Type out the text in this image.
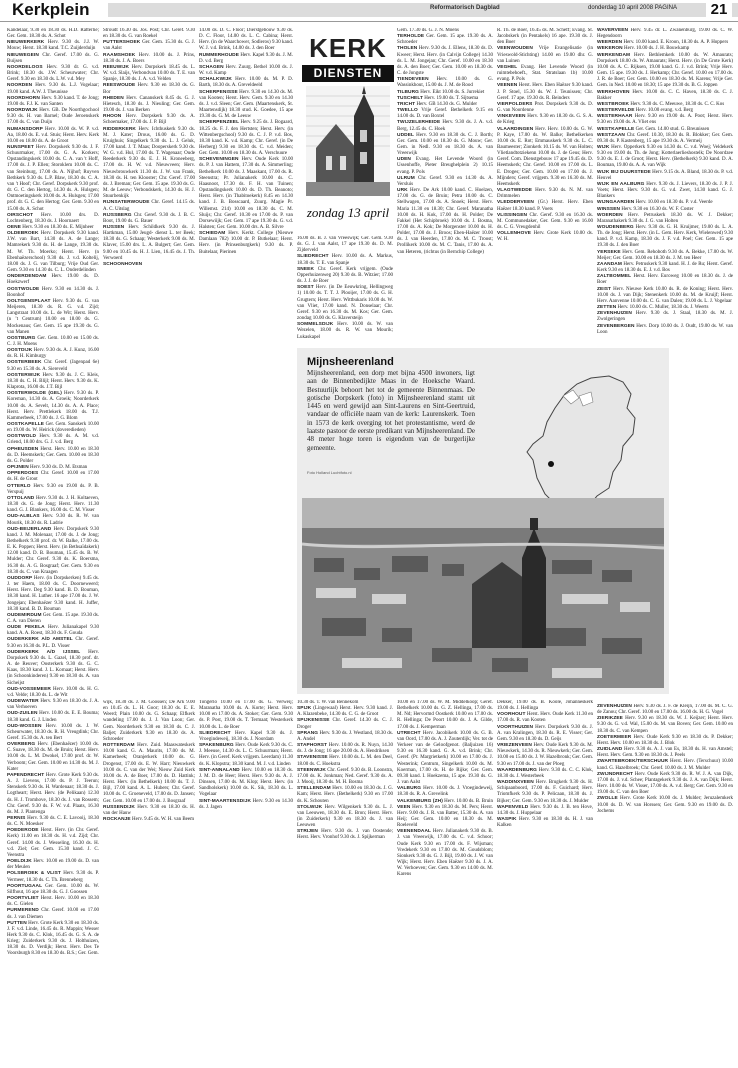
Kerkplein	Reformatorisch Dagblad	donderdag 10 april 2008 PAGINA	21

Kandelaar, 9.30 en 18.30 ds. H.D. Ratterlie; Ger. Gem. 18.30 ds. A. Schot

NIEUWERKERK Herv. 9.30 ds. J.J. W. Mouw; Herst. 18.30 kand. T.C. Zuijderduijn

NIEUWEGEIN Chr. Geref. 17.00 ds. G. Buijsen

NOORDELOOS Herv. 9.30 dr. G. v.d. Brink; 18.30 ds. J.W. Scheurwater; Chr. Geref. 9.30 en 18.30 ds. L.W. v.d. Mey

NOORDEN Herv. 9.30 ds. L.J. Vogelaar; 19.00 kand. A.W. J. Theunisse

NOORDHORN Herv. 9.30 kand. T. de Jong; 19.00 ds. F.J. K. van Santen

NOORDWIJK Herv. GB. De Noorthgochool 9.30 ds. H. van Barnel; Oude Jeroenskerk 17.00 ds. C. van Duijn

NUMANSDORP Herv. 10.00 ds. W. P. v.d. Aa, 18.00 ds. E. v.d. Stuis; Herst. Herv. Kerk 10.00 en 18.00 ds. A. de Groot

NUNSPEET Herv. Dorpskerk 9.30 ds. J. F. Schuurmaker, 17.00 ds. G. A. Korkers; Opstandingskerk 10.00 ds. C. A. van 't Hoff, 17.00 ds. J. P. Ellen; Storoklem 10.00 ds. C. van Steinburg, 17.00 ds. A. Nijhof; Ruyven Bethkerk 9.30 ds. L.P. Blaw, 18.30 ds. C. A. van 't Hoof; Chr. Geref. Dorpskerk 9.30 prof. dr. G. C. den Hertog, 14.30 ds. A. Hulsgen; Ontmoetingskerk 10.00 ds. A. Hulsgen; 17.00 prof. dr. G. C. den Hertog; Ger. Gem. 9.30 en 15.00 ds. A. Schot

OIRSCHOT Herv. 10.00 drs. D. Lochtenberg, 18.30 ds. J. Hoornaert

OENE Herv. 9.30 en 18.30 ds. E. Mijnheer

OLDEBROEK Herv. Dorpskerk 9.30 kand. J.W. van Bart, 14.30 ds. A. de Lange; Mamrekerk 9.30 ds. H. de Lange, 19.30 ds. M. W. Th. Moerko; Herst. Herv. (n Ebenhaëzerschool) 9.30 ds. J. v.d. Koltelij, 18.00 ds. J. G. van Tilburg; Vrije Oud Ger. Gem. 9.30 en 14.30 ds. C. L. Onderdelinden

ONDERDENDAM Herv. 19.00 ds. D. Hoekzwerf

OOSTWOLDE Herv. 9.30 en 14.30 ds. J. Boonhof

OOLTGENSPLAAT Herv. 9.30 ds. G. van Meijeren, 18.30 ds. R. G. v.d. Zijd; Langstraat 10.00 ds. L. de Wit; Herst. Herv. (n ’t Centrum) 10.00 en 18.00 ds. G. Mockenaus; Ger. Gem. 15 ape 19.30 ds. G. van Manen

OOSTBURG Ger. Gem. 10.00 en 15.00 ds. C. J. H. Moens

OOSTDIJK Herv. 9.30 ds. A. J. Kunz, 16.00 ds. R. H. Kimburgy

OOSTERBEEK Chr. Geref. (Jagenpad 6e) 9.30 en 15.30 ds. A. Siereveld

OOSTERWIJK Herv. 9.30 ds. J. C. Kleis, 18.30 ds. C. H. Blijl; Herst. Herv. 9.30 ds. K. Klaprota, 16.00 ds. J.T. Bijl

OOSTERWOLDE (GEL) Herv. 9.30 ds. P. Koreman, 14.30 ds. A. Groeik; Noorderkerk 10.00 ds. A. Sevelt, 14.30 ds. A. A. Place; Herst. Herv. Prettlekerk 18.00 ds. T.J. Kammerbeek, 17.00 ds. J. G. Blom

OOSTKAPELLE Ger. Gem. Sanskerk 10.00 en 19.00 ds. W. Heirick (doveredieden)

OOSTWOLD Herv. 9.30 ds. A. M. v.d. Griend, 18.00 drs. G. J. v.d. Berg

OPHEUSDEN Herst. Herv. 10.00 en 18.30 ds. D. Heemskerk; Ger. Gem. 10.00 en 18.30 ds. G. Polder

OPIJNEN Herv. 9.30 ds. D. M. Etsman

OPPERDOES Chr. Geref. 10.00 en 17.00 ds. H. de Groot

OTTERLO Herv. 9.30 en 19.00 ds. P. B. Verspuij

OTTOLAND Herv. 9.30 ds. J. H. Koltaeven, 18.30 ds. G. de Jong; Herst. Herv. 11.30 kand. G. J. Blankers, 16.00 ds. C. M. Visser

OUD-ALBLAS Herv. 9.30 ds. R. W. van Mourik, 18.30 ds. R. Ladrie

OUD-BEIJERLAND Herv. Dorpskerk 9.30 kand. J. M. Molenaar, 17.00 ds. J. de Jong; Bethelkerk 9.30 prof. dr. W. Balke, 17.00 ds. E. K. Poppen; Herst. Herv. (in Bethsaïdakerk) 12.00 kand. D. B. Bouman, 15.45 ds. B. W. Mulder; Chr. Geref. 9.30 ds. K. Boersma, 16.30 ds. A. G. Bosgraaf; Ger. Gem. 9.30 en 18.30 ds. C. van Kraagen

OUDDORP Herv. (in Dorpskerken) 9.45 ds. J. ter Haem, 18.00 ds. C. Doorneweerd; Herst. Herv. Deg 9.30 kand. B. D. Bouman, 18.30 kand. H. Luther. 16 ape 17.00 ds. J. W. Jongejan; Ebenhaëzer 9.30 kand. H. Juffer, 18.30 kand. B. D. Bouman

OUDEMIRDUM Ger. Gem. 15 ape. 19.30 ds. C. A. van Dieren

OUDE PEKELA Herv. Julianakapel 9.30 kand. A. A. Roest, 18.30 ds. F. Gouda

OUDERKERK A/D AMSTEL Chr. Geref. 9.30 en 16.30 ds. P.L. D. Visser

OUDERKERK A/D IJSSEL Herv. Dorpskerk 9.30 ds. L. Gazel, 18.30 prof. dr. A. de Reuver; Oosterkerk 9.30 ds. G. C. Kaas, 18.30 kand. J. L. Kornaat; Herst. Herv. (in Schoonkinderen) 9.30 en 18.30 ds. A. van Sicheijst

OUD-VOSSEMEER Herv. 10.00 ds. H. G. v.d. Velde; 18.30 ds. L. de Wit

OUDEWATER Herv. 9.30 en 18.30 ds. J. A. van Verhoeven

OUD-ZUILEN Herv. 10.00 ds. E. E. Bouma; 18.30 kand. G. J. Linden

OUD-WOSSEN Herv. 10.00 ds. J. W. Scheurwater, 18.30 ds. R. H. Vreugdink; Chr. Geref. 15.30 ds. A. ten Bert

OVERBERG Herv. (Ebenhaëzer) 10.00 ds. C. Suave, 18.30 ds. M. de Bruin; Herst. Herv. 10.00 ds. L. M. Dwokel, 17.00 prof. dr. W. Verboom; Ger. Gem. 10.00 en 14.30 ds. M. J. Kater

PAPENDRECHT Herv. Grote Kerk 9.30 ds. A. J. Lievens, 17.00 ds. P. J. Teerun; Stenskerk 9.30 ds. H. Wardenaar; 18.30 ds. J. Logtheart; Herst. Herv. (de Pelikaan) 12.30 ds. H. J. Tromhove, 18.30 ds. J. van Rossem; Chr. Geref. 9.30 ds. F. W. v.d. Plaats, 16.30 ds. M. J. Plantenga

PERNIS Herv. 9.30 ds. C. E. Lavooij, 18.30 ds. C. N. Moesker

POEDERODE Herst. Herv. (in Chr. Geref. Kerk) 11.00 en 18.30 ds. H. v.d. Zijd; Chr. Geref. 14.00 ds. J. Wesseling, 16.30 ds. H. v.d. Ziel; Ger. Gem. 15.30 kand. J. C. Veenstra

POELDIJK Herv. 10.00 en 19.00 ds. D. van der Meulen

POLSBROEK & VLIST Herv. 9.30 ds. P. Vermeer, 18.30 ds. C. Th. Brenneberg

POORTUGAAL Ger. Gem. 10.00 ds. W. Silfhout, 16 ape 18.30 ds. G. J. Goossen

POORTVLIET Herst. Herv. 10.00 en 18.30 ds. C. Gielen

PURMEREND Chr. Geref. 10.00 en 17.00 ds. J. van Diemen

PUTTEN Herv. Grote Kerk 9.30 en 18.30 ds. J. F. v.d. Linde, 16.45 ds. R. Mappin; Wesser Herk 9.30 ds. C. Klok, 16.45 ds. G. S. A. de Krieg; Zuiderkerk 9.30 ds. J. Holthuizen, 18.30 ds. D. Verdijk; Herst. Herv. Des Te Voorsburgh 8.30 en 18.30 ds. B.S.; Ger. Gem.

Stroudt 16.30 ds. Jos. Post; Chr. Geref. 9.30 en 18.30 ds. G. van Roekel

PUTTERSHOEK Ger. Gem. 15.30 ds. G. J. van Aalst

RAAMSHOEK Herv. 10.00 ds. J. Prins, 18.30 ds. J. A. Boers

REEUWIJK Herv. Dorpskerk 18.45 ds. L. W. v.d. Slaijs, Verbondvan 10.00 ds. T. E. van Spanje, 18.30 ds. J. A. v.d. Velden

REESWOUDE Herv. 9.30 en 18.30 ds. G. Bor

RHEDEN Herv. Cananskerk 8.45 ds. G. J. Hietesch, 18.30 ds. J. Nieuling; Ger. Gem. 19.00 ds. J. van Berken

RHOON Herv. Dorpskerk 9.30 ds. A. Schoemaker, 17.00 ds. J. P. Bijl

RIDDERKERK Herv. Ichthuskerk 9.30 ds. M. J. Kater; Drous, 16.00 ds. G. D. Kruighuis; Singelkerk 9.30 ds. L. J. Geluk, 17.00 kand. J. T. Maas; Dooperskerk 9.30 ds. W. G. v.d. Hul, 17.00 ds. T. Wagenaar; Oude Reederkerk 9.30 ds. E. J. H. Kroneeberg, 17.00 ds. H. W. v.d. Nieuwveen; Herv. Nieuwbrouwkerk 11.30 ds. J. W. van Frank, 18.30 ds. H. ten Klooster; Chr. Geref. 17.00 ds. J. Breman; Ger. Gem. 15 ape. 19.30 ds. G. M. de Leeuw; Verbondskerk, 14.30 ds. H. J. Stuurbenkijk

RIJNSATERWOUDE Chr. Geref. 14.15 ds. A. C. Uitslag

RIJSSBERG Chr. Geref. 9.30 ds. J. B. C. Boot, 19.00 ds. G. Bauer

RIJSSEN Herv. Schildkerk 9.30 ds. J. Hartkman, 15.00 Jeugd- dienst L. ter Beek; 18.30 ds. G. Schaap; Westerkerk 9.00 ds. M. Klaver, 15.00 drs. L. A. Bulgert; Ger. Gem. 9.00 en 10.45 ds. H. J. Lien, 16.45 ds. J. Th. Verwoerd

SCHOONHOVEN

14.00 ds. D. C. Floor; Dierstgebouw 9.30 ds. D. C. Floor, 14.00 ds. L. C. Cabina; Herst. Herv. (in de Waarchower, Sodleros) 9.30 kand. W. J. v.d. Brink, 14.00 ds. J. den Boer

RUMMERHOUDE Herv. Kapel 9.30 ds. J. M. D. v.d. Berg

SCHAGEN Herv. Zuurg. Bethel 10.00 ds. J. W. v.d. Kamp

SCHALKWIJK Herv. 10.00 ds. M. P. D. Barth, 18.30 ds. A. Greveldeeld

SCHERPENISSE Herv. 9.30 en 14.30 ds. M. van Kooten; Herst. Herv. Gem. 9.30 en 14.30 ds. J. v.d. Sleen; Ger. Gem. (Maartenskerk, St. Maartensdijk) 18.30 stud. K. Goedee, 15 ape 19.30 ds. G. M. de Leeuw

SCHERPENZEEL Herv. 9.25 ds. J. Bogaard, 18.25 ds. F. J. den Hertsten; Herst. Herv. (in Wittenbergschool) 9.30 ds. C. J. P. v.d. Bos, 18.30 kand. K. v.d. Kamp; Chr. Geref. (in De Herberg) 9.30 en 18.30 ds. C. v.d. Meiden; Ger. Gem. 10.00 en 18.30 ds. A. Verschuure

SCHEVENINGEN Herv. Oude Kerk 10.00 ds. P. J. van Hattem, 17.30 ds. A. Simmerling; Bethelkerk 10.00 ds. J. Maaskant, 17.00 ds. R. Steenstra; Pr. Julianakerk 10.00 ds. C. Haasnoot, 17.30 ds. F. H. van Tuinen; Opstandingskerk 10.00 ds. D. Th. Beanoto; Herst. Herv. (in Thabitoekerk) 8.45 en 14.30 kand. J. B. Bosscaard, Zuurg. Magie Pr. Willemst. 214) 10.00 en 18.30 ds. C. M. Sluijs; Chr. Geref. 10.30 en 17.00 ds. P. van Dorsewiijk; Ger. Gem. 17 ape 19.30 ds. G. v.d. Halsten; Ger. Gem. 10.00 drs. A. B. Silvre

SCHIEDAM Herv. Kerkt. College (Nieuwe Damlaan 782) 10.00 dr. P. Butkelaar; Herst. Herv. (in Prinsenburgkerk) 9.30 ds. P. Buitelaar, Pierinen

16.00 ds. B. J. van Vreeswijk; Ger. Gem. 9.30 ds. G. J. van Aalst, 17 ape 19.30 ds. D. M. Zijderveld

SLIEDRECHT Herv. 10.00 ds. A. Markus, 18.30 ds. T. E. van Spanje

SNEEK Chr. Geref. Kerk vrijgem. (Oude Opperhuizenweg 20) 9.30 ds. B. Witzier; 17.00 ds. J. J. de Boer

SOEST Herv. (in De Eeuwkring, Hellingweg 1) 10.00 ds. T. T. J. Plooijer, 17.00 ds. G. H. Grugtern; Herst. Herv. Wittbukaris 10.00 ds. W. van Vliet, 17.00 kand. N. Donselaar; Chr. Geref. 9.30 en 16.30 ds. M. Kos; Ger. Gem. zondag 10.00 ds. G. Klaversteijn

SOMMELSDIJK Herv. 10.00 ds. W. van Wezelen, 18.00 ds. R. W. van Mourik; Lukaskapel

Gem. 17.30 ds. G. J. N. Moens

TERHOLDE Ger. Gem. 15 ape. 19.30 ds. A. Schroeder

THOLEN Herv. 9.30 ds. J. Ellens, 18.30 ds. D. Kweer; Herst. Herv. (in Calvijn College) 14.30 ds. L. M. Jongejan; Chr. Geref. 10.00 en 18.30 ds. A. den Boer; Ger. Gem. 10.00 en 18.30 ds. C. de Jongste

TIENDEVEEN Herv. 10.00 ds. G. Wassinkhout, 15.00 ds. J. M. de Rood

TILBURG Herv. Eikt 10.00 ds. S. Jurrekiet

TUSCHELT Herv. 19.00 ds. T. Sijtsema

TRICHT Herv. GB 14.30 ds. G. Mulder

TWELLO Vrije Geref. Bethelkerk 9.15 en 14.00 ds. D. van Boxtel

TWIJZELERHEIDE Herv. 9.30 ds. J. A. v.d. Berg, 12.45 ds. C. Hoek

UDDEL Herv. 9.30 en 18.30 ds. C. J. Borth; Ger. Gem. 10.00 en 18.30 ds. G. Mouw; Ger. Gem. in Nedl. 9.30 en 18.30 ds. A. van Vreeswijk

UDEN Evang. Het Levende Woord (in Ussenhoffe, Pieter Breughelplein 2) 10.15 evang. P. Pols

ULRUM Chr. Geref. 9.30 en 14.30 ds. A. Versluis

URK Herv. De Ark 10.00 kand. C. Hoelzen, 17.00 ds. G. de Bruin; Petra 10.00 ds. C. Stellwagen, 17.00 ds. A. Snoek; Herst. Herv. Maria 11.30 en 18.30; Chr. Geref. Maranatha 10.00 ds. H. Kok, 17.00 ds. H. Polder; De Fakkel (Het Schipbroek) 10.00 ds. J. Bosma, 17.00 ds. A. Kok; De Morgenster 10.00 ds. H. Polder, 17.00 ds. J. Broos; Eben-Haëzer 10.00 ds. J. van Heerden, 17.00 ds. M. C. Troost; Prollikerk 10.00 ds. M. C. Tanis, 17.00 ds. A. van Heteren, (richtus (in Bernchip College)

R. Th. de Boer, 16.45 ds. M. Scheff; Evang. St. Jacobskerk (in Pentakels) 16 ape. 19.30 ds. J. den Boer

VEENWOUDEN Vrije Evangelisatie (in Vrieswold-Stichting) 14.00 en 19.00 dhr. G. van Luinen

VEGHEL Evang. Het Levende Woord (in ruimtebehoeft., Stat. Stratslaan 1b) 10.00 evang. P. Pols

VEENEN Herst. Herv. Eben Haëzer 9.30 kand. J. P. Stoel, 15.30 ds. W. J. Teunissen; Chr. Geref. 17 ape. 19.30 ds. R. Beinders

VIERPOLDERS Prot. Dorpskerk 9.30 ds. D. G. van Noordenne

VINKEVEEN Herv. 9.30 en 18.30 ds. G. S. A. de Krieg

VLAARDINGEN Herv. Herv. 10.00 ds. G. W. P. Kaye, 17.00 ds. W. Balke; Bethelkerken 10.00 ds. E. Rot; Emmauskerk 9.30 ds. L. C. Baumeester; Zionkerk 10.15 ds. W. van Holten; Vlietlandtotziekenn 10.00 ds. J. de Geus; Herv. Geref. Com. Dienstgebouw 17 ape 19.45 ds. D. Heemskerk; Chr. Geref. 10.00 en 17.00 ds. L. E. Droges; Ger. Gem. 10.00 en 17.00 ds. J. Mijnders; Geref. vrijgem. 9.30 en 16.30 ds. M. Heemskerk

VLAGTWEDDE Herv. 9.30 ds. N. M. van Drimmelen

VLEDDERVEEN (Gr.) Herst. Herv. Eben Haëzer 18.30 kand. P. Voets

VLISSINGEN Chr. Geref. 9.30 en 16.30 ds. M. Communedaker, Ger. Gem. 9.30 en 16.00 ds. C. G. Vreugdenhil

VOLLENHOVE Herv. Grote Kerk 10.00 ds. W. H.

WAVERVEEN Herv. 9.45 dr. L. Zwanenburg, 19.00 ds. C. W. Hegendoorn

WEERDEN Herv. 10.00 kand. E. Kroon, 18.30 ds. A. P. Hoppers

WEKERON Herv. 10.00 ds. J. H. Bouwkamp

WERKENDAM Herv. Bethlemkerk 10.00 ds. W. Amaurats; Dorpskerk 18.00 ds. W. Amaurats; Herst. Herv. (in De Grote Kerk) 10.00 ds. A. C. Rijksen, 19.00 kand. G. J. v.d. Brink; Vrije Herv. Gem. 15 ape. 19.30 ds. J. Herkamp; Chr. Geref. 10.00 en 17.00 ds. J. R. de Boer; Ger. Gem. 10.00 en 18.30 ds. M. Karens; Vrije Ger. Gem. in Ned. 10.00 en 18.30; 15 ape 19.30 ds. B. G. Joppen

WERKHOVEN Herv. 10.00 ds. C. C. Haven, 18.30 ds. C. J. Bakker

WESTBROEK Herv. 9.30 ds. C. Meeuwe, 18.30 ds. C. C. Kos

WESTERVELDE Herv. 10.00 evang. v.d. Berg

WESTERHAAR Herv. 9.30 en 19.00 ds. A. Poot; Herst. Herv. 9.30 en 19.00 ds. A. Vliet ens

WESTKAPELLE Ger. Gem. 14.00 stud. G. Breunissen

WESTZAAN Chr. Geref. 10.30, 18.30 ds. R. Blokker; Ger. Gem. 09.30 ds. P. Kastenberg, 15 ape 19.30 ds. A. Vermeij

WIJK Herv. Opperkerk 9.30 en 14.30 ds. C. v.d. Woej; Veldekerk 9.30 en 19.00 ds. Th. de Jong; Kotterlaerlieshostelk; De Noordzee 9.30 ds. E. J. de Groot; Herst. Herv. (Bethelkerk) 9.30 kand. D. A. Bouman, 19.00 ds. A. A. van Wijk

WIJK BIJ DUURSTEDE Herv. 9.15 ds. A. Bland, 18.30 ds. P. v.d. Heuvel

WIJK EN AALBURG Herv. 9.30 ds. J. Lievers, 18.30 ds. J. P. J. Voets; Herst. Herv. 9.30 ds. G. v.d. Zwet, 14.30 kand. G. J. Blankers

WIJNGAARDEN Herv. 10.00 en 18.30 ds. P. v.d. Veerde

WINSSEN Herv. 9.30 en 16.30 ds. W. F. Coster

WOERDEN Herv. Petruskerk 18.30 ds. W. J. Dekker; Maranathakerk 9.30 ds. J. G. van Holten

WOUDENBERG Herv. 9.30 ds. G. H. Kruijmer, 19.00 ds. L. A. Th. de Jong; Herst. Herv. (in L. Gem. Herv. Kerk, Wielenwed) 9.30 kand. P. v.d. Kamp, 18.30 ds. J. F. v.d. Poel; Ger. Gem. 15 ape 19.30 ds. J. den Boer

YERSEKE Herv. Gem. Rehoboth 9.30 ds. A. Bekke, 17.00 ds. W. Meijer; Ger. Gem. 10.00 en 18.30 ds. J. M. ten Heer

ZAANDAM Herv. Petruskerk 9.30 kand. H. J. de Ru; Herst. Geref. Kerk 9.30 en 18.30 ds. E. J. v.d. Bos

ZALTBOMMEL Herst. Herv. Euroweg 10.00 en 18.30 ds. J. de Boer

ZEIST Herv. Nieuwe Kerk 10.00 ds. R. de Koning; Herst. Herv. 10.00 ds. J. van Dijk; Stenenkerk 10.00 ds. M. de Kruijf; Herst. Herv. Aanvenne 10.00 ds. C. G. van Dalen; 19.00 ds. L. J. Vogelaar

ZETTEN Herv. 10.00 ds. C. Muller, 18.30 ds. J. Weerts

ZEVENHUIZEN Herv. 9.30 ds. J. Staal, 18.30 ds. M. J. Zwolgeringen

ZEVENBERGEN Herv. Dorp 10.00 ds. J. Oudt, 19.00 ds. W. van Loon

wijk, 18.30 ds. J. M. Goossen; De Ark 9.00 en 10.45 ds. L. H. Goor; 18.30 ds. E. E. Weerd; Plain 10.00 ds. G. Schaap; Elfkerk wandeling 17.00 ds. J. J. Van Loon; Ger. Gem. Noorderkerk 9.30 en 18.30 ds. C. J. Baljet; Zuiderkerk 9.30 en 18.30 ds. A. Schroeder

ROTTERDAM Herv. Zuid. Maaswateskerk 10.00 kand. G. A. Maurits, 17.00 ds. M. Kamerbeek; Oranjerkerk 10.00 ds. G. Drogenst, 17.00 ds. E. W. Harr; Nieuwkerk 10.00 ds. C. van der Wei; Nieuw Zuid Kerk 10.00 ds. A. de Boer, 17.00 ds. D. Hattink; Herst. Herv. (in Bethelkerk) 10.00 ds. T. J. Bijl, 17.00 kand. A. L. Hubers; Chr. Geref. 10.00 ds. C. Groeneveld, 17.00 ds. D. Jansen; Ger. Gem. 10.00 en 17.00 ds. J. Bosgraaf

RUSSENDIJK Herv. 9.30 en 18.30 ds. H. van der Hauw

ROCKANJE Herv. 9.45 ds. W. H. van Beem

Tongerlo 10.00 en 17.00 ds. G. Verweij; Maranatha 10.00 ds. A. Korte; Herst. Herv. 10.00 en 17.00 ds. A. Stoker; Ger. Gem. 9.30 ds. P. Post, 19.00 ds. T. Termaat; Westerkerk 10.00 ds. L. de Boer

SLIEDRECHT Herv. Kapel 9.30 ds. J. Vroegindeweij, 18.30 ds. J. Noordam

SPAKENBURG Herv. Oude Kerk 9.30 ds. C. J. Meeuse, 14.30 ds. L. C. Schuurman; Herst. Herv. (in Geref. Kerk vrijgem. Leerdam) 11.30 ds. K. Klopstra; 18.30 kand. M. J. v.d. Linden

SINT-ANNALAND Herv. 10.00 en 18.30 ds. J. M. D. de Heer; Herst. Herv. 9.30 ds. A. J. Dinssen, 17.00 ds. M. Klop; Herst. Herv. (in Sandholskerk) 10.00 ds. K. Sik, 18.30 ds. L. Vogelaar

SINT-MAARTENSDIJK Herv. 9.30 en 14.30 ds. J. Jagen

10.30 ds. T. W. van Bennekom

SPIJK (Lingewaal) Herst. Herv. 9.30 kand. J. A. Klazenbeke, 14.30 ds. C. G. de Groot

SPIJKENISSE Chr. Geref. 14.30 ds. C. J. Droger

SPRANG Herv. 9.30 ds. J. Westland, 18.30 ds. A. Andel

STAPHORST Herv. 10.00 ds. R. Nuyn, 14.30 ds. J. de Jong; 16 ape 20.00 ds. A. Hendriksen

STAVENISSE Herv. 10.00 ds. L. M. den Deel, 18.00 ds. C. Hoekstra

STEENWIJK Chr. Geref. 9.30 ds. B. Loonstra, 17.00 ds. K. Jonkman; Ned. Geref. 9.30 ds. A. J. Mooij, 18.30 ds. M. H. Bosma

STELLENDAM Herv. 10.00 en 18.30 ds. J. G. Kam; Herst. Herv. (Bethelkerk) 9.30 en 17.00 ds. K. Schouten

STOLWIJK Herv. Wilgenkerk 9.30 ds. L. J. van Leeuwen, 18.30 ds. E. Bron; Herst. Herv. (in Zuiderkerk) 9.30 en 18.30 ds. J. van Leeuwen

STRIJEN Herv. 9.30 ds. J. van Oostende; Herst. Herv. Vronhof 9.30 ds. J. Spijkerman

10.00 en 17.00 ds. W. M. Middelkoop; Geref. Bethelkerk 10.00 ds. G. Z. Hellinga, 17.00 ds. M. Nd; Hervormd Oostkerk 10.00 en 17.00 ds. R. Hellinga; De Poort 10.00 ds. J. A. Gilde, 17.00 ds. J. Kemperman

UTRECHT Herv. Jacobikerk 10.00 ds. G. B. van Oord, 17.00 ds. A. J. Zouterdijk; Ver. tot de Verkeer van de Geloofgenot. (Baljuizen 16) 9.30 en 16.30 kand. G. A. v.d. Brink; Chr. Geref. (Pr. Margrietkerk) 10.00 en 17.00 ds. J. Westerink; Centrum, Singelkerk 10.00 ds. M. Koerman, 17.00 ds. H. de Rijke; Ger. Gem. 09.30 kand. I. Hoekzema, 15 ape. 19.30 ds. G. J. van Aalst

VALBURG Herv. 10.00 ds. J. Vroegindeweij, 18.30 ds. R. A. Grevelink

VALKENBURG (ZH) Herv. 10.00 ds. B. Bruin

VEEN Herv. 9.30 en 18.30 ds. M. Pers; Herst. Herv. 9.00 ds. J. R. van Batter, 15.30 ds. A. van Heij; Ger. Gem. 10.00 en 18.30 ds. M. Roeleveld

VEENENDAAL Herv. Julianakerk 9.30 ds. B. J. van Vreeswijk, 17.00 ds. C. v.d. Schoor; Oude Kerk 9.30 en 17.00 ds. F. Wijsman; Vredekerk 9.30 en 17.00 ds. M. Goudsblom; Sionkerk 9.30 ds. G. J. Bijl, 19.00 ds. J. W. van Wijk; Herst. Herv. Eben Haëzer 9.30 ds. J. A. W. Verhoeven; Ger. Gem. 9.30 en 14.00 ds. M. Karens

Dekker, 19.00 ds. B. Koole, Johanneskerk 19.00 ds. J. Hellinga

VOORHOUT Herst. Herv. Oude Kerk 11.30 en 17.00 ds. R. van Kooten

VOORTHUIZEN Herv. Dorpskerk 9.30 ds. J. A. van Kralingen, 18.30 ds. R. E. Visser; Ger. Gem. 9.30 en 18.30 ds. D. Geijs

VRIEZENVEEN Herv. Oude Kerk 9.30 ds. M. Nieuwkerk, 14.30 ds. R. Nieuwkerk; Ger. Gem. 10.00 en 15.00 ds. J. W. Hazelbronk; Ger. Gem. 9.30 en 17.00 ds. J. van der Ploeg

WAARDENBURG Herv. 9.30 ds. C. C. Klok, 18.30 ds. J. Westerbeek

WADDINXVEEN Herv. Brugkerk 9.30 ds. H. Schipaanboord, 17.00 ds. F. Guichard; Herv. Triomfkerk 9.30 ds. P. Pelicaan, 18.30 ds. J. Bijker; Ger. Gem. 9.30 en 18.30 ds. J. Mulder

WAPENVELD Herv. 9.30 ds. J. B. ten Hove, 14.30 ds. J. Huppelaar

WASPIK Herv. 9.30 en 18.30 ds. H. J. van Kalken

ZEVENHUIZEN Herv. 9.30 ds. J. F. de Kleijn, 17.00 ds. M. C. G. de Zanou; Chr. Geref. 10.00 en 17.00 ds. 16.00 ds. H. G. Vogel

ZIERIKZEE Herv. 9.30 en 18.30 ds. W. J. Keijzer; Herst. Herv. 9.30 ds. G. v.d. Wal, 15.00 ds. M. van Boven; Ger. Gem. 10.00 en 18.30 ds. C. van Kempen

ZOETERMEER Herv. Oude Kerk 9.30 en 18.30 ds. P. Dekker; Herst. Herv. 10.00 en 18.30 ds. J. Blok

ZUIDLAND Herv. 9.30 ds. A. J. van Es, 18.30 ds. H. van Amstel; Herst. Herv. Gem. 9.30 en 18.30 ds. J. Peels

ZWARTEBROEK/TERSCHUUR Herst. Herv. (Terschuur) 10.00 kand. G. Hazelbroek; Chr. Geref. 10.00 ds. J. M. Mulder

ZWIJNDRECHT Herv. Oude Kerk 9.30 ds. R. W. J. A. van Dijk, 17.00 ds. J. v.d. Schee; Plantagekerk 9.30 ds. J. A. van Dijk; Herst. Herv. 10.00 ds. W. Visser, 17.00 ds. A. v.d. Berg; Ger. Gem. 9.30 en 19.00 ds. C. van den Boer

ZWOLLE Herv. Grote Kerk 10.00 ds. J. Mulder; Jeruzalemkerk 10.00 ds. D. W. van Horssen; Ger. Gem. 9.30 en 19.00 ds. D. Jochems

KERK
DIENSTEN
zondag 13 april
Mijnsheerenland
Mijnsheerenland, een dorp met bijna 4500 inwoners, ligt aan de Binnenbedijkte Maas in de Hoeksche Waard. Bestuurlijk behoort het tot de gemeente Binnenmaas. De gotische Dorpskerk (foto) in Mijnsheerenland stamt uit 1445 en werd gewijd aan Sint-Laurens en Sint-Geertruid, vandaar de officiële naam van de kerk: Laurenskerk. Toen in 1573 de kerk overging tot het protestantisme, werd de laatste pastoor de eerste predikant van Mijnsheerenland. De 48 meter hoge toren is eigendom van de burgerlijke gemeente.
Foto Holland Luchtfoto.nl
